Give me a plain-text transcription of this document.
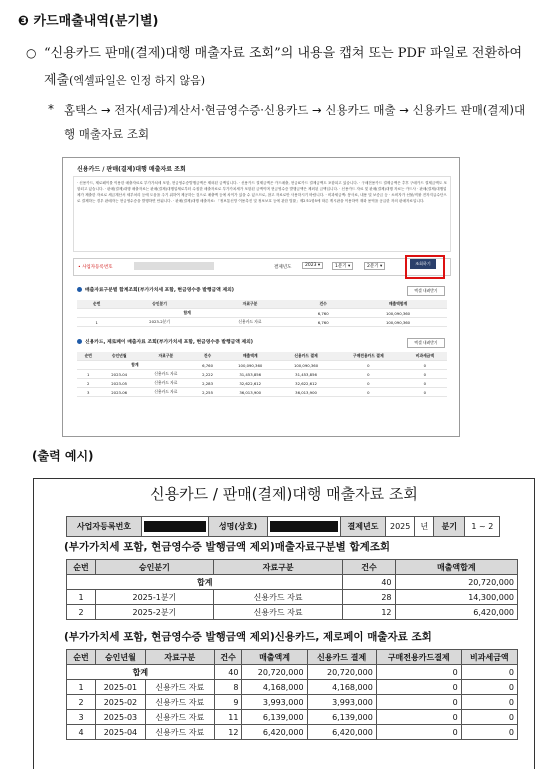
❸ 카드매출내역(분기별)
○ “신용카드 판매(결제)대행 매출자료 조회”의 내용을 캡쳐 또는 PDF 파일로 전환하여 제출(엑셀파일은 인정 하지 않음)
* 홈택스 → 전자(세금)계산서·현금영수증·신용카드 → 신용카드 매출 → 신용카드 판매(결제)대행 매출자료 조회
신용카드 / 판매(결제)대행 매출자료 조회
· 신용카드, 제로페이를 이용한 매출자료로 부가가치세 포함, 현금영수증발행금액은 제외된 금액입니다. · 신용카드 결제금액은 카드매출, 현금IC카드 결제금액도 포함되고 있습니다. · 구매전용카드 결제금액은 추후 구매카드 결제금액도 포함되고 있습니다. · 판매(결제)대행 매출자료는 판매(결제)대행업체로부터 수집한 매출자료로 부가가치세가 포함된 금액이며 현금영수증 발행금액은 제외된 금액입니다. · 신용카드 자료 및 판매(결제)대행 자료는 카드사 · 판매(결제)대행업체가 제출한 자료로 세금계산서 세부처리 등에 도움을 주기 위하여 제공하는 것으로 매출액 등에 차이가 있을 수 있으므로, 참고 자료로만 사용하시기 바랍니다. · 비과세금액: 봉사료, 내용 및 보증금 등 · 소비자가 선불/직불 전자지급수단으로 결제하는 경우 판매자는 현금영수증을 발행하면 안됩니다. · 판매(결제)대행 매출자료: 「정보통신망 이용촉진 및 정보보호 등에 관한 법률」제2조1항5에 따른 게시판을 이용하여 재화 용역을 공급한 자의 판매자료입니다.
• 사업자등록번호	결제년도	2023 ▾	1분기 ▾	2분기 ▾
조회하기
매출자료구분별 합계조회(부가가치세 포함, 현금영수증 발행금액 제외)	엑셀 내려받기
순번	승인분기	자료구분	건수	매출액합계
합계			6,760	100,090,360
1	2023-2분기	신용카드 자료	6,760	100,090,360
신용카드, 제로페이 매출자료 조회(부가가치세 포함, 현금영수증 발행금액 제외)	엑셀 내려받기
순번	승인년월	자료구분	건수	매출액계	신용카드 결제	구매전용카드 결제	비과세금액
합계			6,760	100,090,360	100,090,360	0	0
1	2023-04	신용카드 자료	2,222	31,453,856	31,453,856	0	0
2	2023-05	신용카드 자료	2,283	32,622,612	32,622,612	0	0
3	2023-06	신용카드 자료	2,255	36,013,900	36,013,900	0	0
(출력 예시)
신용카드 / 판매(결제)대행 매출자료 조회
사업자등록번호		성명(상호)		결제년도	2025	년	분기	1 ~ 2
(부가가치세 포함, 현금영수증 발행금액 제외)매출자료구분별 합계조회
순번	승인분기	자료구분	건수	매출액합계
합계			40	20,720,000
1	2025-1분기	신용카드 자료	28	14,300,000
2	2025-2분기	신용카드 자료	12	6,420,000
(부가가치세 포함, 현금영수증 발행금액 제외)신용카드, 제로페이 매출자료 조회
순번	승인년월	자료구분	건수	매출액계	신용카드 결제	구매전용카드결제	비과세금액
합계			40	20,720,000	20,720,000	0	0
1	2025-01	신용카드 자료	8	4,168,000	4,168,000	0	0
2	2025-02	신용카드 자료	9	3,993,000	3,993,000	0	0
3	2025-03	신용카드 자료	11	6,139,000	6,139,000	0	0
4	2025-04	신용카드 자료	12	6,420,000	6,420,000	0	0
